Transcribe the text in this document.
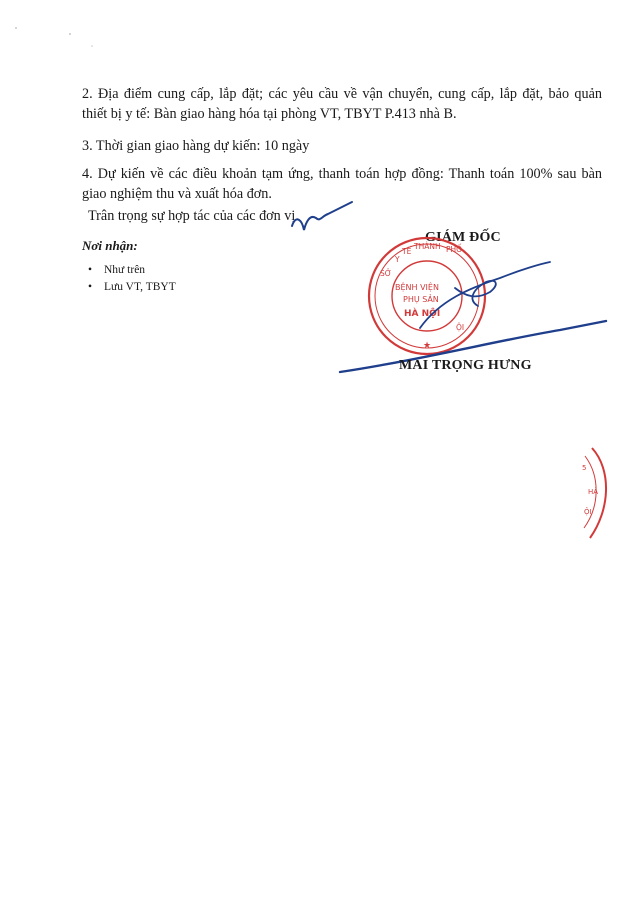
2. Địa điểm cung cấp, lắp đặt; các yêu cầu về vận chuyển, cung cấp, lắp đặt, bảo quản
thiết bị y tế: Bàn giao hàng hóa tại phòng VT, TBYT P.413 nhà B.

3. Thời gian giao hàng dự kiến: 10 ngày

4. Dự kiến về các điều khoản tạm ứng, thanh toán hợp đồng: Thanh toán 100% sau bàn
giao nghiệm thu và xuất hóa đơn.

Trân trọng sự hợp tác của các đơn vị.

Nơi nhận:

• Như trên
• Lưu VT, TBYT

GIÁM ĐỐC

Y
TẾ
THÀNH PHỐ
SỞ
BỆNH VIỆN
PHỤ SẢN
HÀ NỘI
ỘI
★
5
HÀ
ỘI

MAI TRỌNG HƯNG
